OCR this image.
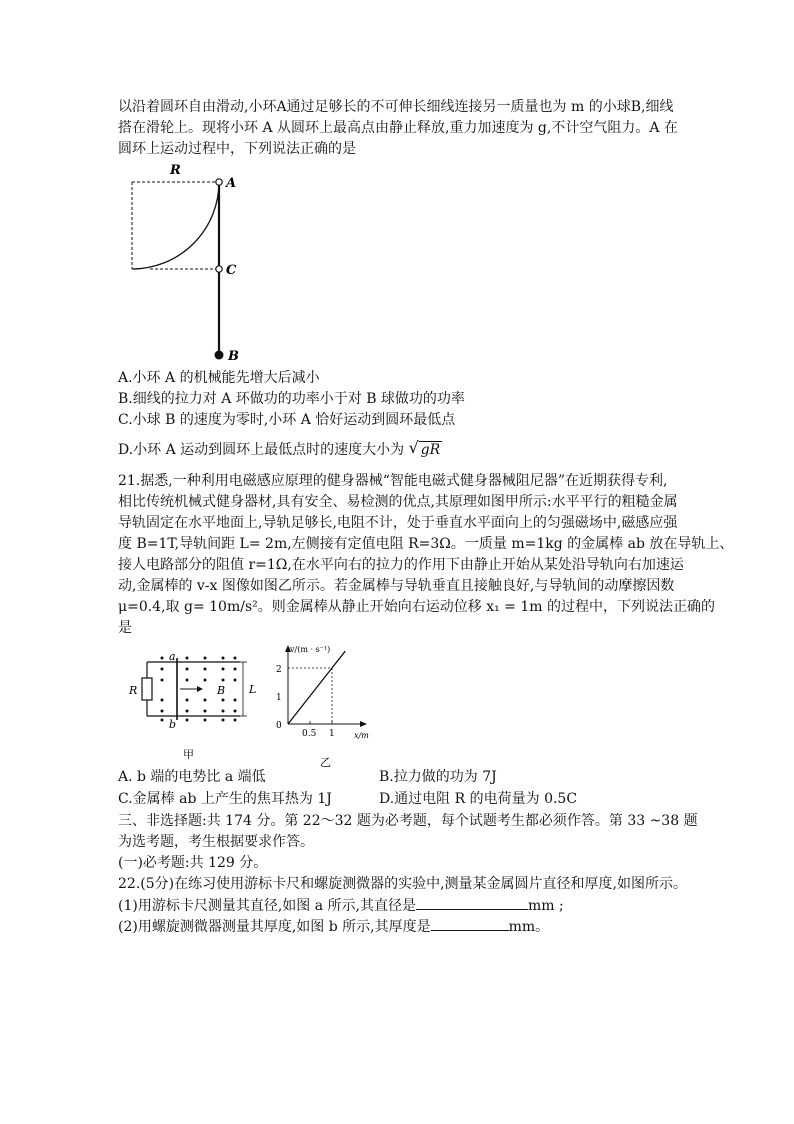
以沿着圆环自由滑动,小环A通过足够长的不可伸长细线连接另一质量也为 m 的小球B,细线
搭在滑轮上。现将小环 A 从圆环上最高点由静止释放,重力加速度为 g,不计空气阻力。A 在
圆环上运动过程中，下列说法正确的是
R
A
C
B
A.小环 A 的机械能先增大后减小
B.细线的拉力对 A 环做功的功率小于对 B 球做功的功率
C.小球 B 的速度为零时,小环 A 恰好运动到圆环最低点
D.小环 A 运动到圆环上最低点时的速度大小为 √ gR
21.据悉,一种利用电磁感应原理的健身器械“智能电磁式健身器械阻尼器”在近期获得专利,
相比传统机械式健身器材,具有安全、易检测的优点,其原理如图甲所示:水平平行的粗糙金属
导轨固定在水平地面上,导轨足够长,电阻不计，处于垂直水平面向上的匀强磁场中,磁感应强
度 B=1T,导轨间距 L= 2m,左侧接有定值电阻 R=3Ω。一质量 m=1kg 的金属棒 ab 放在导轨上、
接人电路部分的阻值 r=1Ω,在水平向右的拉力的作用下由静止开始从某处沿导轨向右加速运
动,金属棒的 v-x 图像如图乙所示。若金属棒与导轨垂直且接触良好,与导轨间的动摩擦因数
μ=0.4,取 g= 10m/s²。则金属棒从静止开始向右运动位移 x₁ = 1m 的过程中，下列说法正确的
是
a
b
R	B L
甲
2
1
0
0.5 1
v/(m · s⁻¹)
x/m
乙
A. b 端的电势比 a 端低	B.拉力做的功为 7J
C.金属棒 ab 上产生的焦耳热为 1J	D.通过电阻 R 的电荷量为 0.5C
三、非选择题:共 174 分。第 22～32 题为必考题，每个试题考生都必须作答。第 33 ~38 题
为选考题，考生根据要求作答。
(一)必考题:共 129 分。
22.(5分)在练习使用游标卡尺和螺旋测微器的实验中,测量某金属圆片直径和厚度,如图所示。
(1)用游标卡尺测量其直径,如图 a 所示,其直径是	mm ;
(2)用螺旋测微器测量其厚度,如图 b 所示,其厚度是	mm。
